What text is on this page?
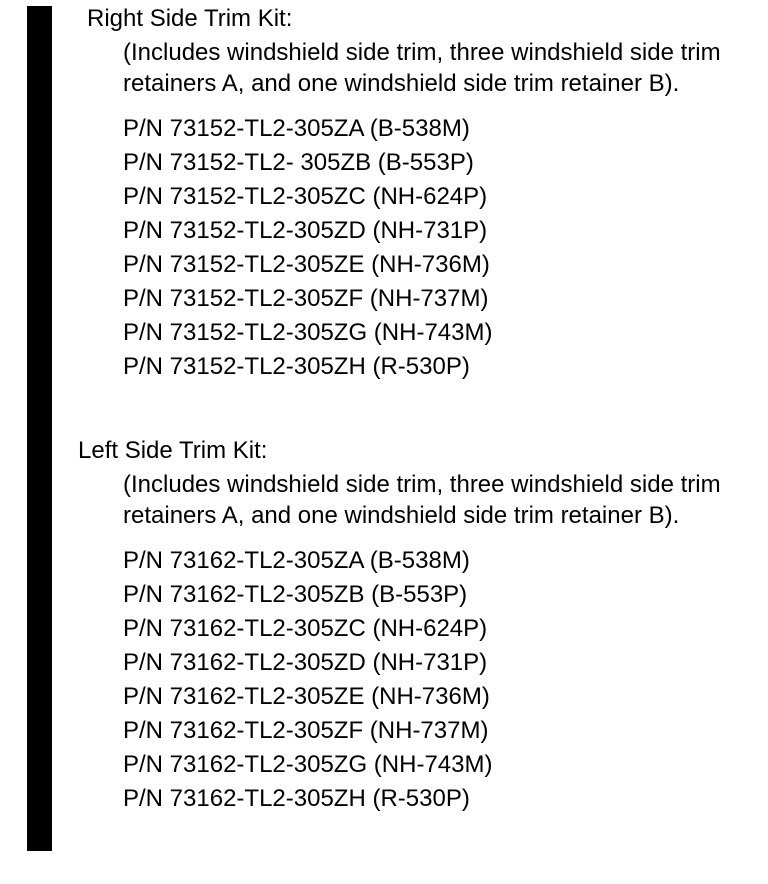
Right Side Trim Kit:

(Includes windshield side trim, three windshield side trim retainers A, and one windshield side trim retainer B).

P/N 73152-TL2-305ZA (B-538M)
P/N 73152-TL2- 305ZB (B-553P)
P/N 73152-TL2-305ZC (NH-624P)
P/N 73152-TL2-305ZD (NH-731P)
P/N 73152-TL2-305ZE (NH-736M)
P/N 73152-TL2-305ZF (NH-737M)
P/N 73152-TL2-305ZG (NH-743M)
P/N 73152-TL2-305ZH (R-530P)

Left Side Trim Kit:

(Includes windshield side trim, three windshield side trim retainers A, and one windshield side trim retainer B).

P/N 73162-TL2-305ZA (B-538M)
P/N 73162-TL2-305ZB (B-553P)
P/N 73162-TL2-305ZC (NH-624P)
P/N 73162-TL2-305ZD (NH-731P)
P/N 73162-TL2-305ZE (NH-736M)
P/N 73162-TL2-305ZF (NH-737M)
P/N 73162-TL2-305ZG (NH-743M)
P/N 73162-TL2-305ZH (R-530P)
